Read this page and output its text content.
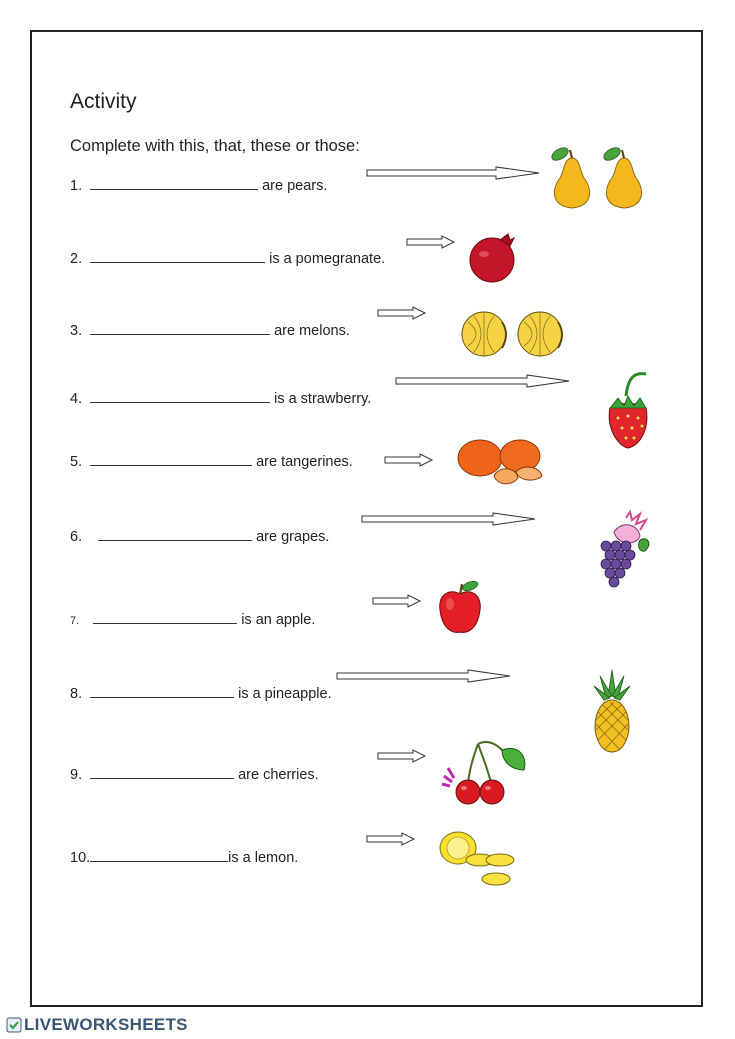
Activity
Complete with this, that, these or those:
1.	are pears.
2.	is a pomegranate.
3.	are melons.
4.	is a strawberry.
5.	are tangerines.
6.	are grapes.
7.	is an apple.
8.	is a pineapple.
9.	are cherries.
10.	is a lemon.
LIVEWORKSHEETS
